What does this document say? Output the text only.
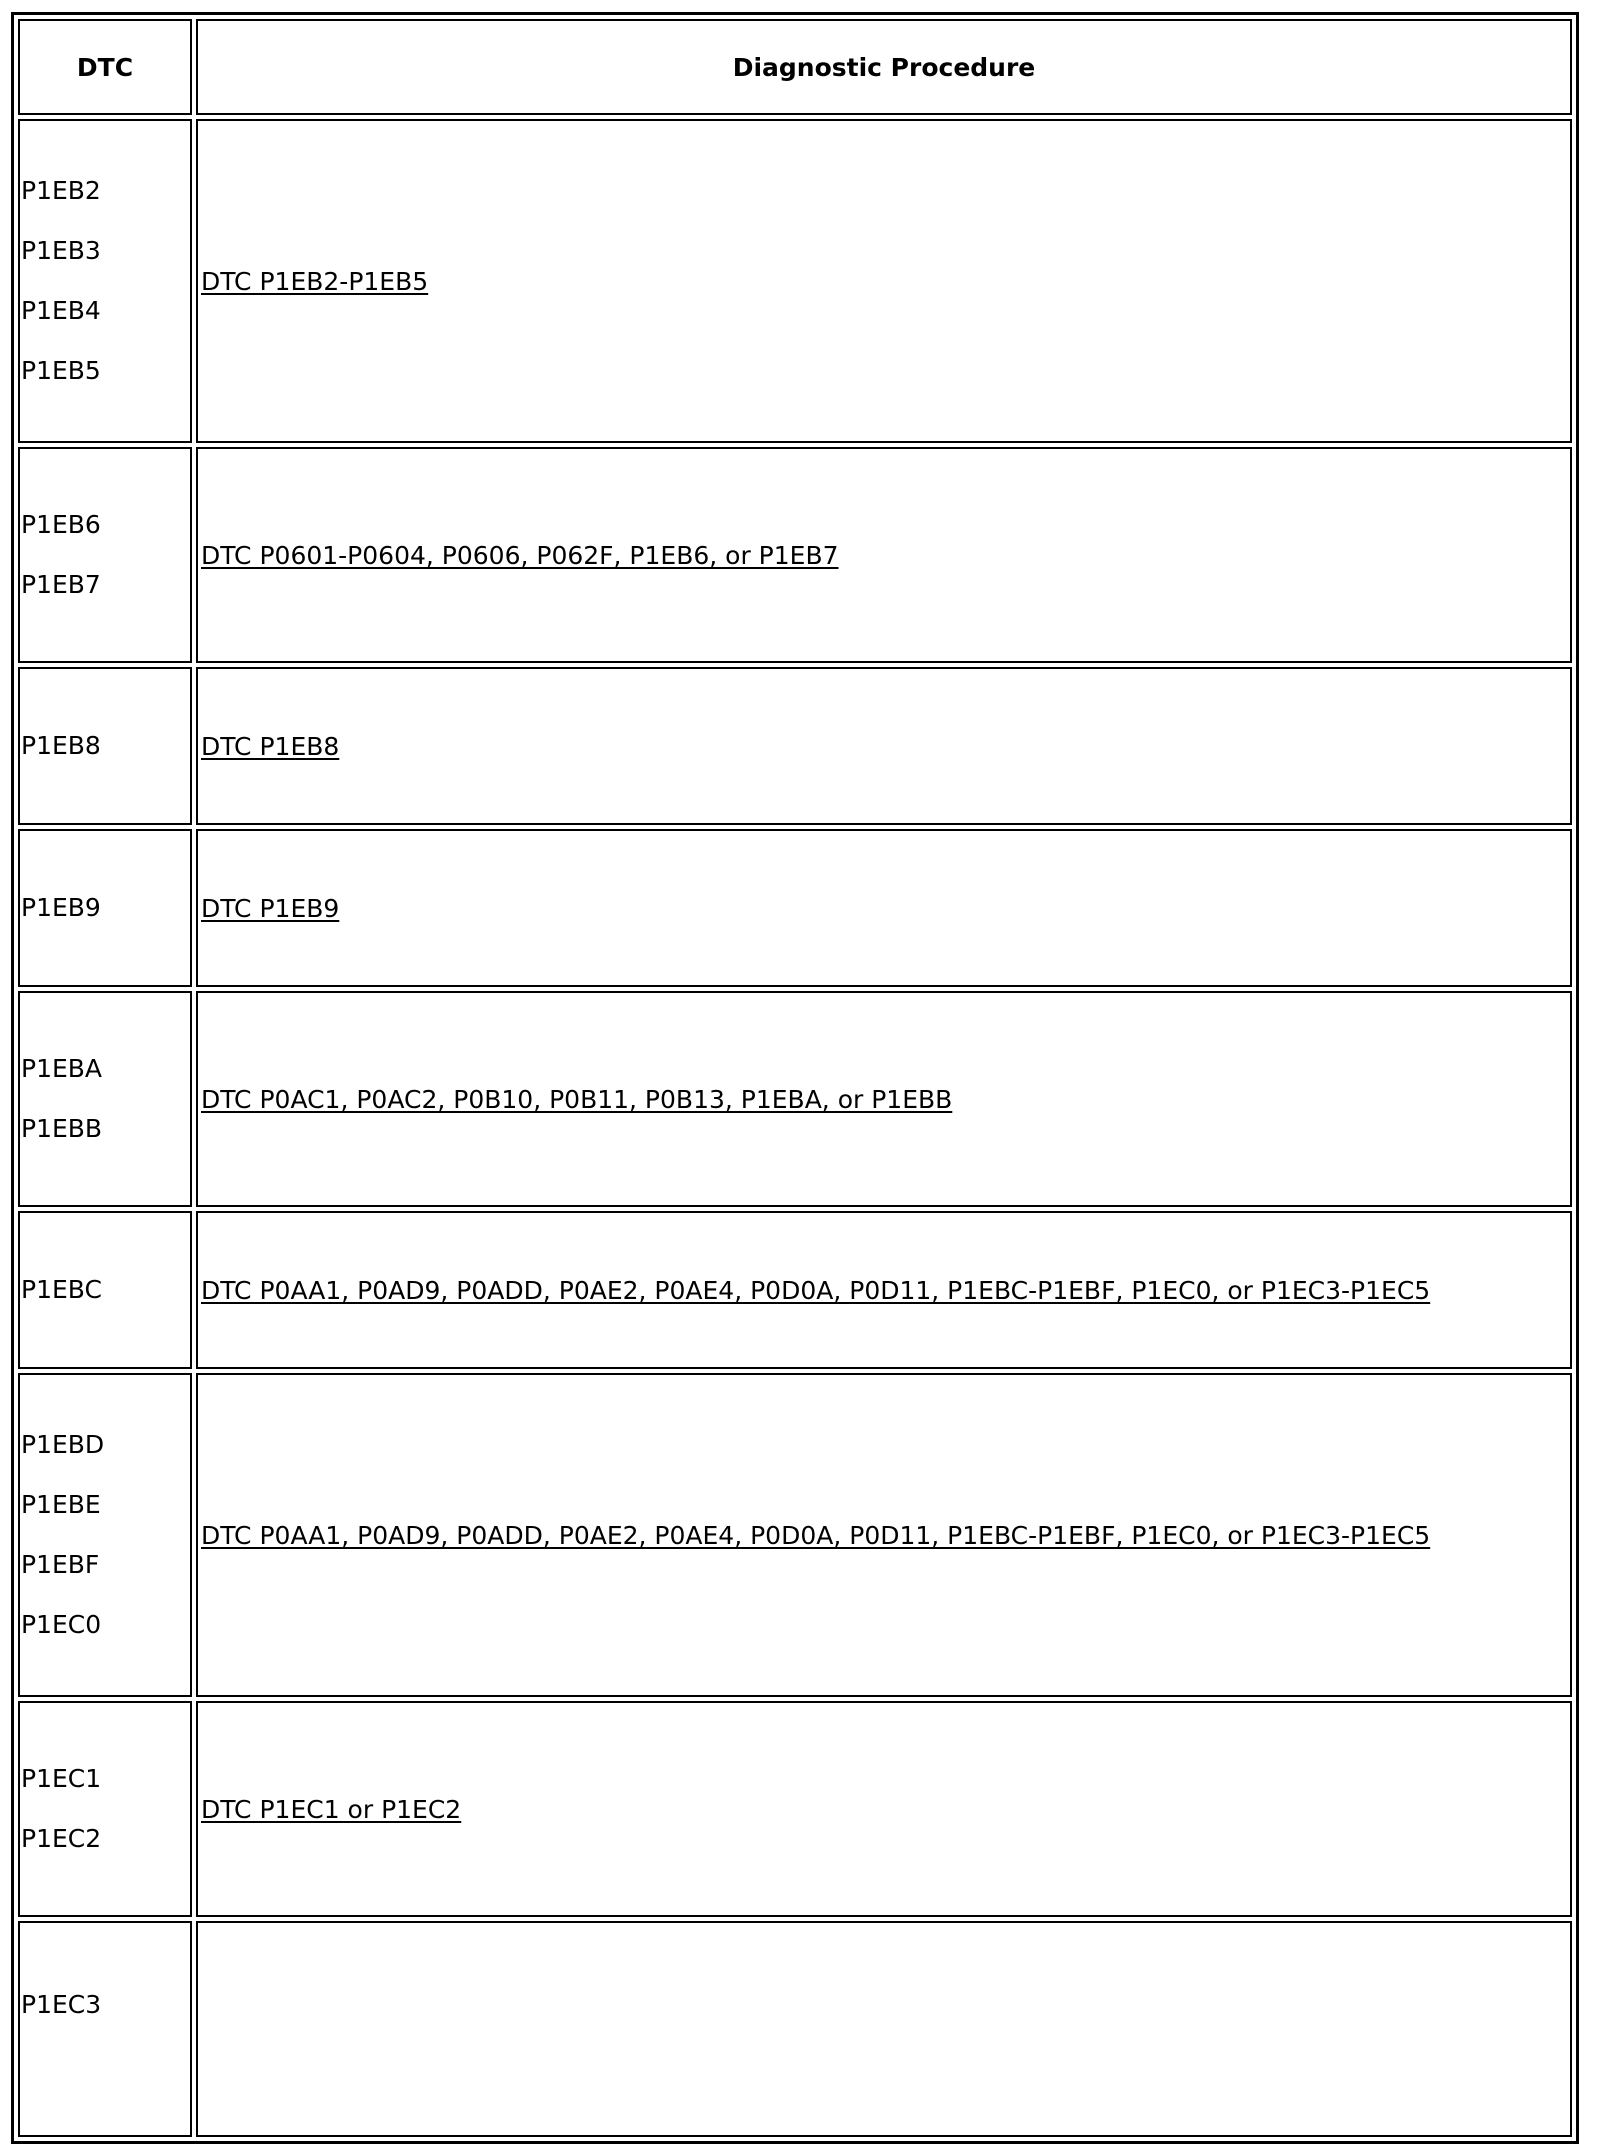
DTC	Diagnostic Procedure

P1EB2
P1EB3
P1EB4
P1EB5	DTC P1EB2-P1EB5

P1EB6
P1EB7	DTC P0601-P0604, P0606, P062F, P1EB6, or P1EB7

P1EB8	DTC P1EB8

P1EB9	DTC P1EB9

P1EBA
P1EBB	DTC P0AC1, P0AC2, P0B10, P0B11, P0B13, P1EBA, or P1EBB

P1EBC	DTC P0AA1, P0AD9, P0ADD, P0AE2, P0AE4, P0D0A, P0D11, P1EBC-P1EBF, P1EC0, or P1EC3-P1EC5

P1EBD
P1EBE
P1EBF
P1EC0	DTC P0AA1, P0AD9, P0ADD, P0AE2, P0AE4, P0D0A, P0D11, P1EBC-P1EBF, P1EC0, or P1EC3-P1EC5

P1EC1
P1EC2	DTC P1EC1 or P1EC2

P1EC3	
